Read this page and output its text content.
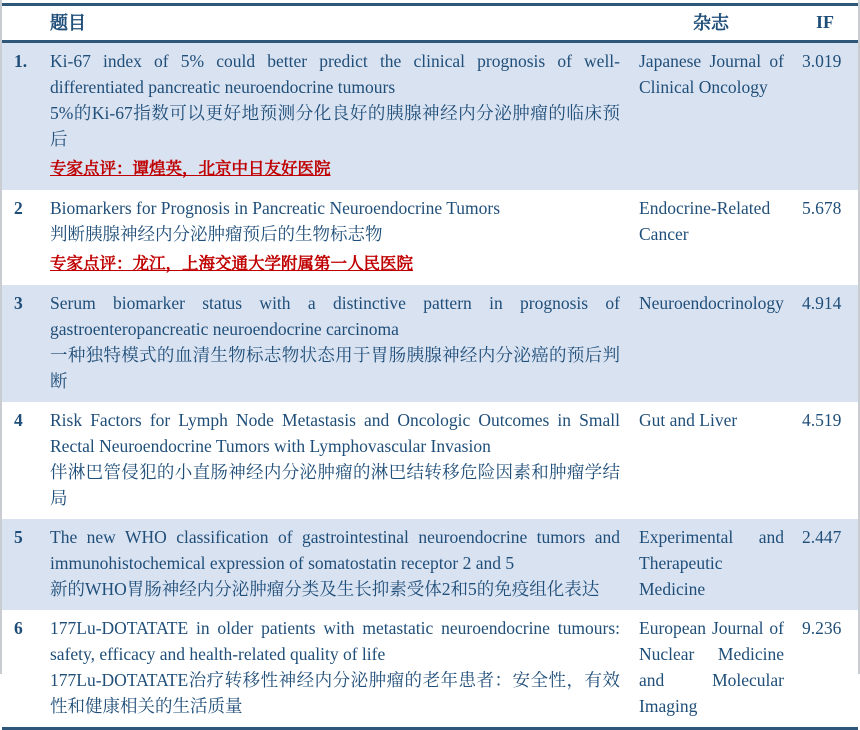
	题目	杂志	IF
1.	Ki-67 index of 5% could better predict the clinical prognosis of well-differentiated pancreatic neuroendocrine tumours

5%的Ki-67指数可以更好地预测分化良好的胰腺神经内分泌肿瘤的临床预后

专家点评：谭煌英，北京中日友好医院	Japanese Journal of Clinical Oncology	3.019
2	Biomarkers for Prognosis in Pancreatic Neuroendocrine Tumors

判断胰腺神经内分泌肿瘤预后的生物标志物

专家点评：龙江，上海交通大学附属第一人民医院	Endocrine-Related Cancer	5.678
3	Serum biomarker status with a distinctive pattern in prognosis of gastroenteropancreatic neuroendocrine carcinoma

一种独特模式的血清生物标志物状态用于胃肠胰腺神经内分泌癌的预后判断	Neuroendocrinology	4.914
4	Risk Factors for Lymph Node Metastasis and Oncologic Outcomes in Small Rectal Neuroendocrine Tumors with Lymphovascular Invasion

伴淋巴管侵犯的小直肠神经内分泌肿瘤的淋巴结转移危险因素和肿瘤学结局	Gut and Liver	4.519
5	The new WHO classification of gastrointestinal neuroendocrine tumors and immunohistochemical expression of somatostatin receptor 2 and 5

新的WHO胃肠神经内分泌肿瘤分类及生长抑素受体2和5的免疫组化表达	Experimental and Therapeutic Medicine	2.447
6	177Lu-DOTATATE in older patients with metastatic neuroendocrine tumours: safety, efficacy and health-related quality of life

177Lu-DOTATATE治疗转移性神经内分泌肿瘤的老年患者：安全性，有效性和健康相关的生活质量	European Journal of Nuclear Medicine and Molecular Imaging	9.236
